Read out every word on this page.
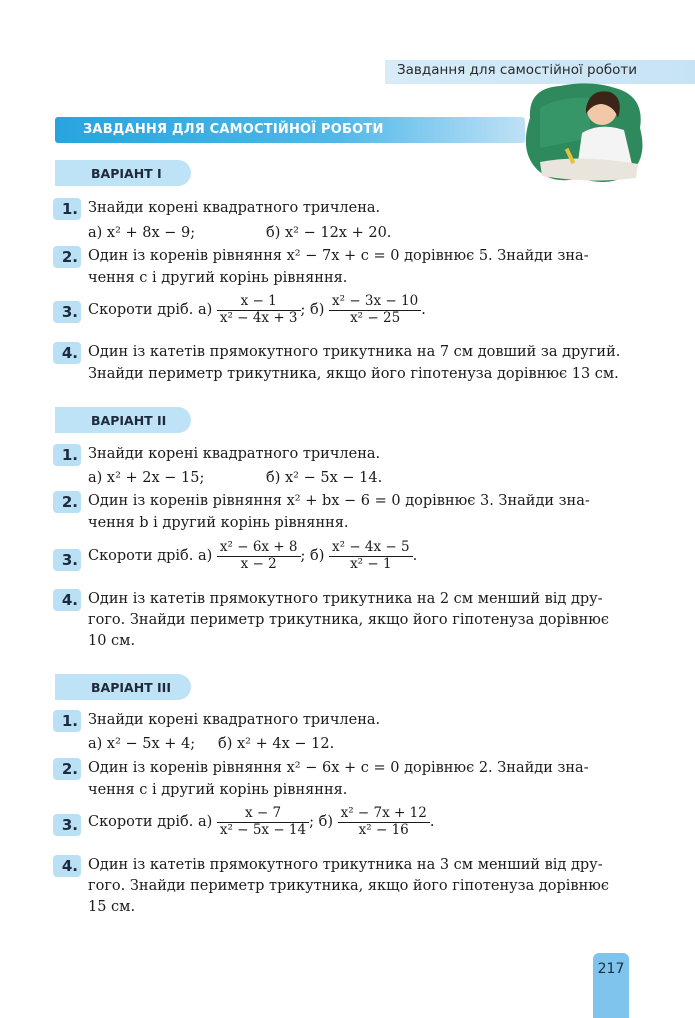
Завдання для самостійної роботи
ЗАВДАННЯ ДЛЯ САМОСТІЙНОЇ РОБОТИ
ВАРІАНТ I
1. Знайди корені квадратного тричлена.
а) x² + 8x − 9;	б) x² − 12x + 20.
2. Один із коренів рівняння x² − 7x + c = 0 дорівнює 5. Знайди зна-
чення c і другий корінь рівняння.
3. Скороти дріб. $а) \frac{x - 1}{\text{x² − 4x + 3}}$ ; $б) \frac{\text{x² − 3x − 10}}{\text{x² − 25}}$ .
4. Один із катетів прямокутного трикутника на 7 см довший за другий.
Знайди периметр трикутника, якщо його гіпотенуза дорівнює 13 см.
ВАРІАНТ II
1. Знайди корені квадратного тричлена.
а) x² + 2x − 15;	б) x² − 5x − 14.
2. Один із коренів рівняння x² + bx − 6 = 0 дорівнює 3. Знайди зна-
чення b і другий корінь рівняння.
3. Скороти дріб. $а) \frac{\text{x² − 6x + 8}}{x - 2}$ ; $б) \frac{\text{x² − 4x − 5}}{\text{x² − 1}}$ .
4. Один із катетів прямокутного трикутника на 2 см менший від дру-
гого. Знайди периметр трикутника, якщо його гіпотенуза дорівнює
10 см.
ВАРІАНТ III
1. Знайди корені квадратного тричлена.
а) x² − 5x + 4; б) x² + 4x − 12.
2. Один із коренів рівняння x² − 6x + c = 0 дорівнює 2. Знайди зна-
чення c і другий корінь рівняння.
3. Скороти дріб. $а) \frac{x - 7}{\text{x² − 5x − 14}}$ ; $б) \frac{\text{x² − 7x + 12}}{\text{x² − 16}}$ .
4. Один із катетів прямокутного трикутника на 3 см менший від дру-
гого. Знайди периметр трикутника, якщо його гіпотенуза дорівнює
15 см.
217
